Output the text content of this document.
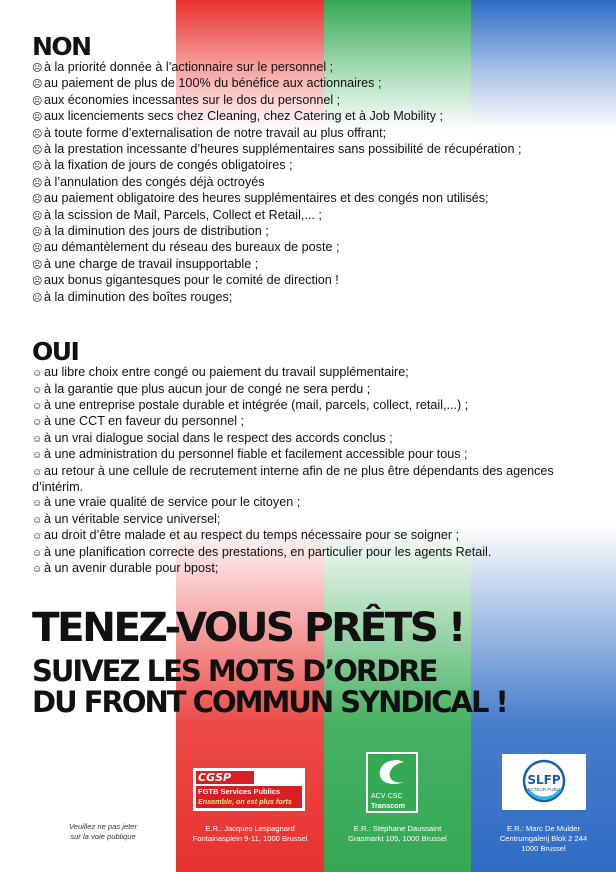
NON
☹ à la priorité donnée à l’actionnaire sur le personnel ;
☹ au paiement de plus de 100% du bénéfice aux actionnaires ;
☹ aux économies incessantes sur le dos du personnel ;
☹ aux licenciements secs chez Cleaning, chez Catering et à Job Mobility ;
☹ à toute forme d’externalisation de notre travail au plus offrant;
☹ à la prestation incessante d’heures supplémentaires sans possibilité de récupération ;
☹ à la fixation de jours de congés obligatoires ;
☹ à l’annulation des congés déjà octroyés
☹ au paiement obligatoire des heures supplémentaires et des congés non utilisés;
☹ à la scission de Mail, Parcels, Collect et Retail,... ;
☹ à la diminution des jours de distribution ;
☹ au démantèlement du réseau des bureaux de poste ;
☹ à une charge de travail insupportable ;
☹ aux bonus gigantesques pour le comité de direction !
☹ à la diminution des boîtes rouges;
OUI
☺ au libre choix entre congé ou paiement du travail supplémentaire;
☺ à la garantie que plus aucun jour de congé ne sera perdu ;
☺ à une entreprise postale durable et intégrée (mail, parcels, collect, retail,...) ;
☺ à une CCT en faveur du personnel ;
☺ à un vrai dialogue social dans le respect des accords conclus ;
☺ à une administration du personnel fiable et facilement accessible pour tous ;
☺ au retour à une cellule de recrutement interne afin de ne plus être dépendants des agences d’intérim.
☺ à une vraie qualité de service pour le citoyen ;
☺ à un véritable service universel;
☺ au droit d’être malade et au respect du temps nécessaire pour se soigner ;
☺ à une planification correcte des prestations, en particulier pour les agents Retail.
☺ à un avenir durable pour bpost;

TENEZ-VOUS PRÊTS !

SUIVEZ LES MOTS D’ORDRE
DU FRONT COMMUN SYNDICAL !

Veuillez ne pas jeter
sur la voie publique
CGSP
FGTB Services Publics
Ensemble, on est plus forts
ACV·CSC
Transcom
SLFP
SECTEUR PUBLIC
E.R.: Jacques Lespagnard
Fontainasplein 9-11, 1000 Brussel
E.R.: Stéphane Daussaint
Grasmarkt 105, 1000 Brussel
E.R.: Marc De Mulder
Centrumgalerij Blok 2 244
1000 Brussel
